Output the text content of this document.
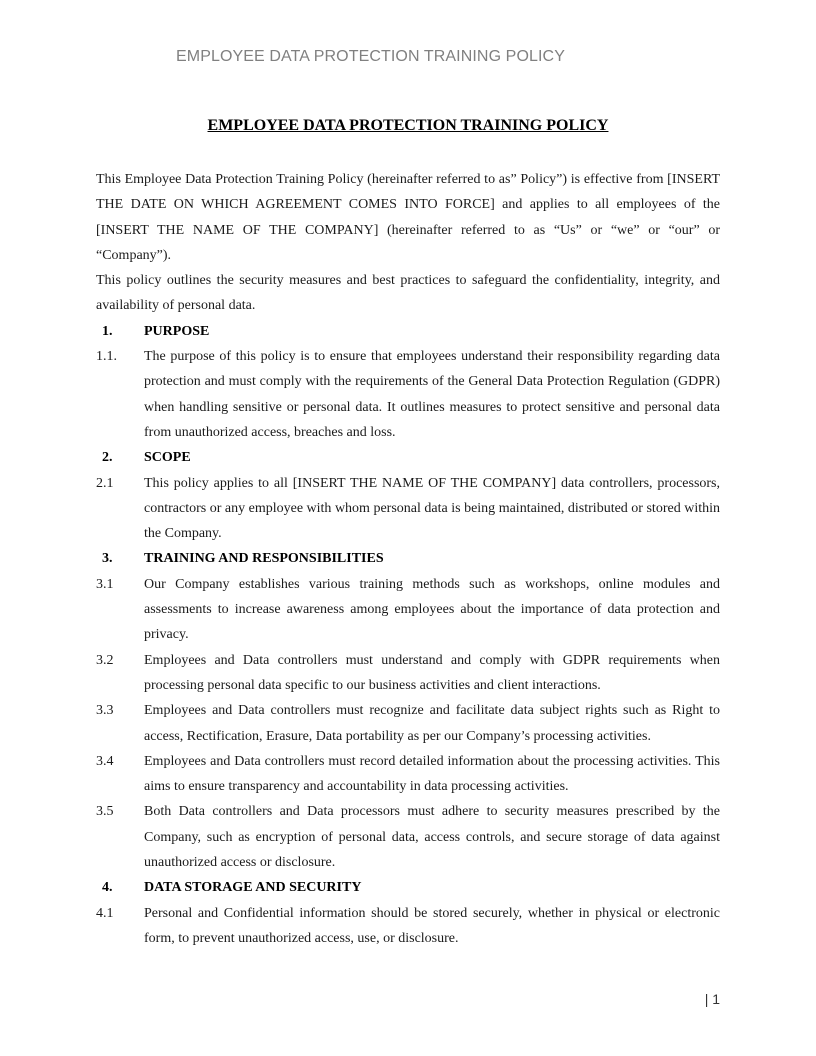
EMPLOYEE DATA PROTECTION TRAINING POLICY
EMPLOYEE DATA PROTECTION TRAINING POLICY

This Employee Data Protection Training Policy (hereinafter referred to as” Policy”) is effective from [INSERT THE DATE ON WHICH AGREEMENT COMES INTO FORCE] and applies to all employees of the [INSERT THE NAME OF THE COMPANY] (hereinafter referred to as “Us” or “we” or “our” or “Company”).

This policy outlines the security measures and best practices to safeguard the confidentiality, integrity, and availability of personal data.

1.	PURPOSE
1.1.	The purpose of this policy is to ensure that employees understand their responsibility regarding data protection and must comply with the requirements of the General Data Protection Regulation (GDPR) when handling sensitive or personal data. It outlines measures to protect sensitive and personal data from unauthorized access, breaches and loss.
2.	SCOPE
2.1	This policy applies to all [INSERT THE NAME OF THE COMPANY] data controllers, processors, contractors or any employee with whom personal data is being maintained, distributed or stored within the Company.
3.	TRAINING AND RESPONSIBILITIES
3.1	Our Company establishes various training methods such as workshops, online modules and assessments to increase awareness among employees about the importance of data protection and privacy.
3.2	Employees and Data controllers must understand and comply with GDPR requirements when processing personal data specific to our business activities and client interactions.
3.3	Employees and Data controllers must recognize and facilitate data subject rights such as Right to access, Rectification, Erasure, Data portability as per our Company’s processing activities.
3.4	Employees and Data controllers must record detailed information about the processing activities. This aims to ensure transparency and accountability in data processing activities.
3.5	Both Data controllers and Data processors must adhere to security measures prescribed by the Company, such as encryption of personal data, access controls, and secure storage of data against unauthorized access or disclosure.
4.	DATA STORAGE AND SECURITY
4.1	Personal and Confidential information should be stored securely, whether in physical or electronic form, to prevent unauthorized access, use, or disclosure.
| 1
